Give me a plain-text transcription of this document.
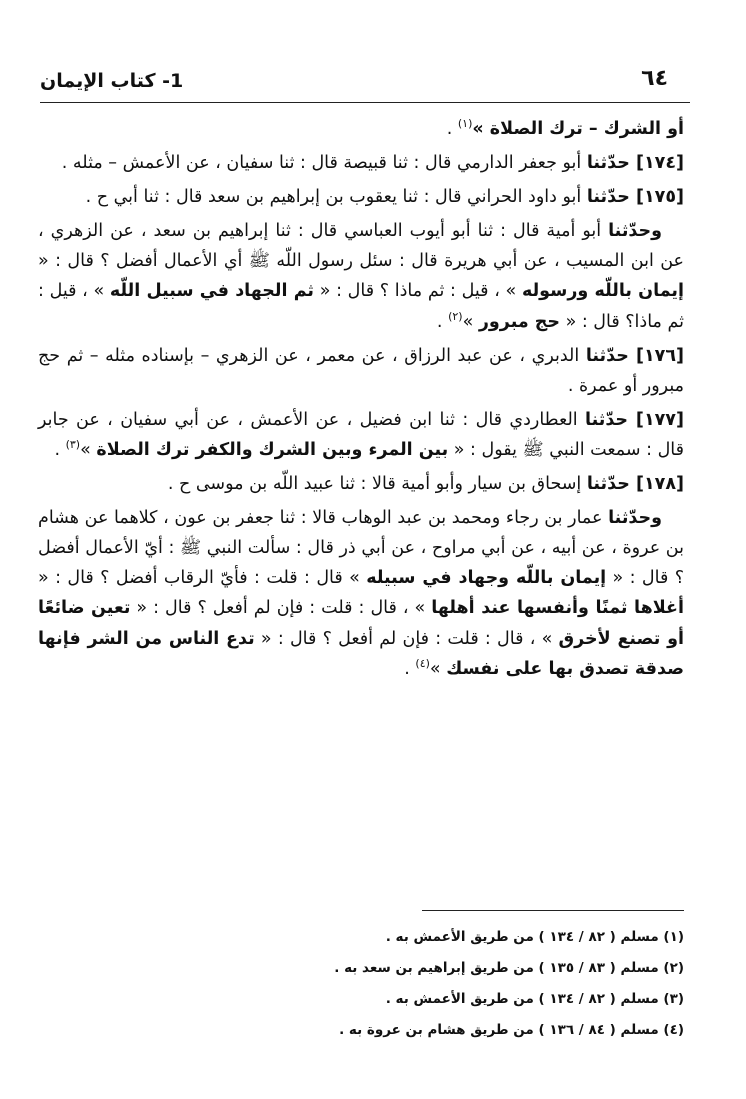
٦٤
1- كتاب الإيمان

أو الشرك – ترك الصلاة »$^{(١)}$ .

[١٧٤] حدّثنا أبو جعفر الدارمي قال : ثنا قبيصة قال : ثنا سفيان ، عن الأعمش – مثله .

[١٧٥] حدّثنا أبو داود الحراني قال : ثنا يعقوب بن إبراهيم بن سعد قال : ثنا أبي ح .

وحدّثنا أبو أمية قال : ثنا أبو أيوب العباسي قال : ثنا إبراهيم بن سعد ، عن الزهري ، عن ابن المسيب ، عن أبي هريرة قال : سئل رسول اللّه ﷺ أي الأعمال أفضل ؟ قال : « إيمان باللّه ورسوله » ، قيل : ثم ماذا ؟ قال : « ثم الجهاد في سبيل اللّه » ، قيل : ثم ماذا؟ قال : « حج مبرور »$^{(٢)}$ .

[١٧٦] حدّثنا الدبري ، عن عبد الرزاق ، عن معمر ، عن الزهري – بإسناده مثله – ثم حج مبرور أو عمرة .

[١٧٧] حدّثنا العطاردي قال : ثنا ابن فضيل ، عن الأعمش ، عن أبي سفيان ، عن جابر قال : سمعت النبي ﷺ يقول : « بين المرء وبين الشرك والكفر ترك الصلاة »$^{(٣)}$ .

[١٧٨] حدّثنا إسحاق بن سيار وأبو أمية قالا : ثنا عبيد اللّه بن موسى ح .

وحدّثنا عمار بن رجاء ومحمد بن عبد الوهاب قالا : ثنا جعفر بن عون ، كلاهما عن هشام بن عروة ، عن أبيه ، عن أبي مراوح ، عن أبي ذر قال : سألت النبي ﷺ : أيّ الأعمال أفضل ؟ قال : « إيمان باللّه وجهاد في سبيله » قال : قلت : فأيّ الرقاب أفضل ؟ قال : « أغلاها ثمنًا وأنفسها عند أهلها » ، قال : قلت : فإن لم أفعل ؟ قال : « تعين ضائعًا أو تصنع لأخرق » ، قال : قلت : فإن لم أفعل ؟ قال : « تدع الناس من الشر فإنها صدقة تصدق بها على نفسك »$^{(٤)}$ .

(١) مسلم ( ٨٢ / ١٣٤ ) من طريق الأعمش به .
(٢) مسلم ( ٨٣ / ١٣٥ ) من طريق إبراهيم بن سعد به .
(٣) مسلم ( ٨٢ / ١٣٤ ) من طريق الأعمش به .
(٤) مسلم ( ٨٤ / ١٣٦ ) من طريق هشام بن عروة به .
